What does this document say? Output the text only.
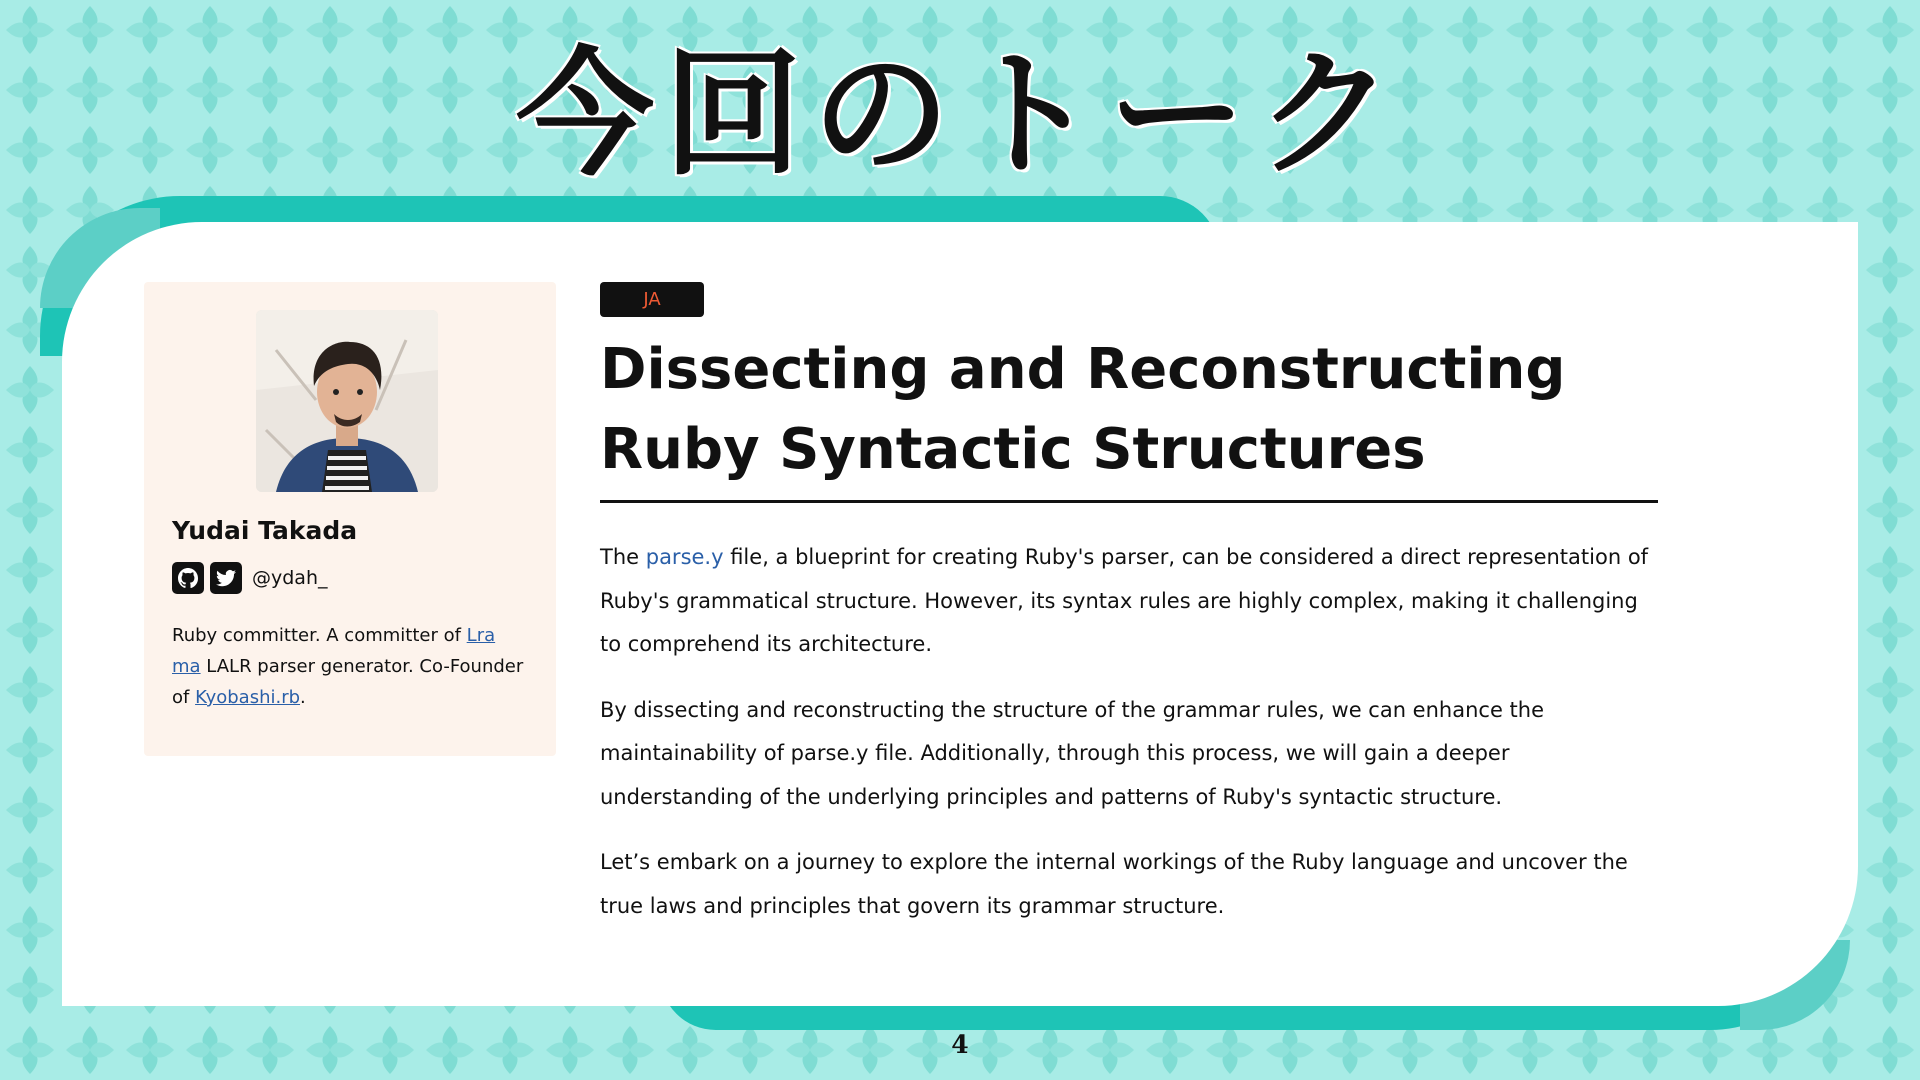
今回のトーク
Yudai Takada
@ydah_
Ruby committer. A committer of Lra
ma LALR parser generator. Co-Founder of Kyobashi.rb.
JA
Dissecting and Reconstructing Ruby Syntactic Structures

The parse.y file, a blueprint for creating Ruby's parser, can be considered a direct representation of Ruby's grammatical structure. However, its syntax rules are highly complex, making it challenging to comprehend its architecture.

By dissecting and reconstructing the structure of the grammar rules, we can enhance the maintainability of parse.y file. Additionally, through this process, we will gain a deeper understanding of the underlying principles and patterns of Ruby's syntactic structure.

Let’s embark on a journey to explore the internal workings of the Ruby language and uncover the true laws and principles that govern its grammar structure.

4
